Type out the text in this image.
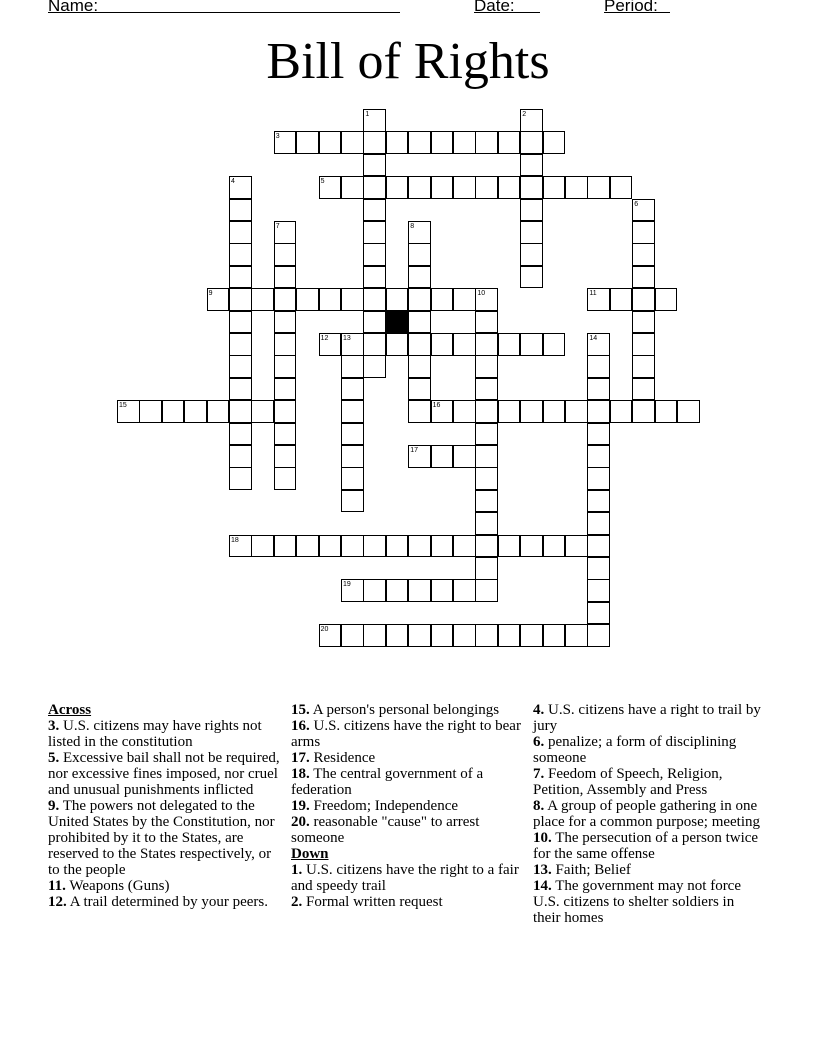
Name:	Date:	Period:
Bill of Rights
1	2
3
4	5
6
7	8
9	10	11
12 13	14
15	16
17
18
19
20
Across
3. U.S. citizens may have rights not listed in the constitution
5. Excessive bail shall not be required, nor excessive fines imposed, nor cruel and unusual punishments inflicted
9. The powers not delegated to the United States by the Constitution, nor prohibited by it to the States, are reserved to the States respectively, or to the people
11. Weapons (Guns)
12. A trail determined by your peers.
15. A person's personal belongings
16. U.S. citizens have the right to bear arms
17. Residence
18. The central government of a federation
19. Freedom; Independence
20. reasonable "cause" to arrest someone
Down
1. U.S. citizens have the right to a fair and speedy trail
2. Formal written request
4. U.S. citizens have a right to trail by jury
6. penalize; a form of disciplining someone
7. Feedom of Speech, Religion, Petition, Assembly and Press
8. A group of people gathering in one place for a common purpose; meeting
10. The persecution of a person twice for the same offense
13. Faith; Belief
14. The government may not force U.S. citizens to shelter soldiers in their homes
